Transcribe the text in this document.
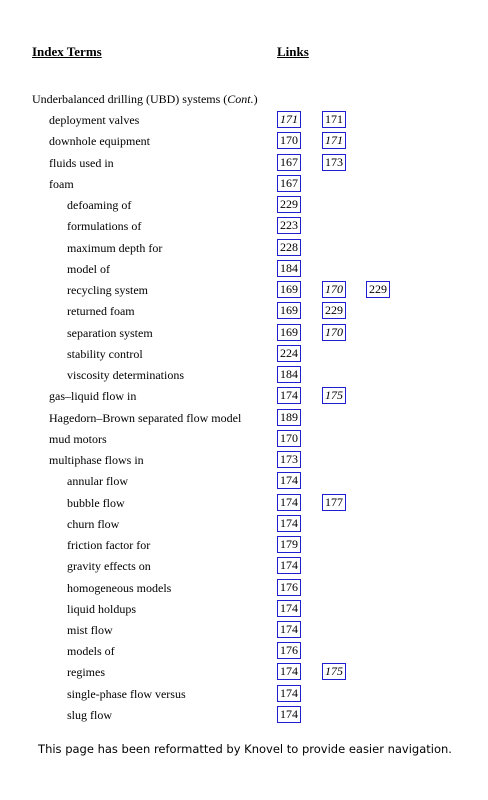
Index Terms	Links
Underbalanced drilling (UBD) systems (Cont.)
deployment valves	171 171
downhole equipment	170 171
fluids used in	167 173
foam	167
defoaming of	229
formulations of	223
maximum depth for	228
model of	184
recycling system	169 170 229
returned foam	169 229
separation system	169 170
stability control	224
viscosity determinations	184
gas–liquid flow in	174 175
Hagedorn–Brown separated flow model	189
mud motors	170
multiphase flows in	173
annular flow	174
bubble flow	174 177
churn flow	174
friction factor for	179
gravity effects on	174
homogeneous models	176
liquid holdups	174
mist flow	174
models of	176
regimes	174 175
single-phase flow versus	174
slug flow	174
This page has been reformatted by Knovel to provide easier navigation.
